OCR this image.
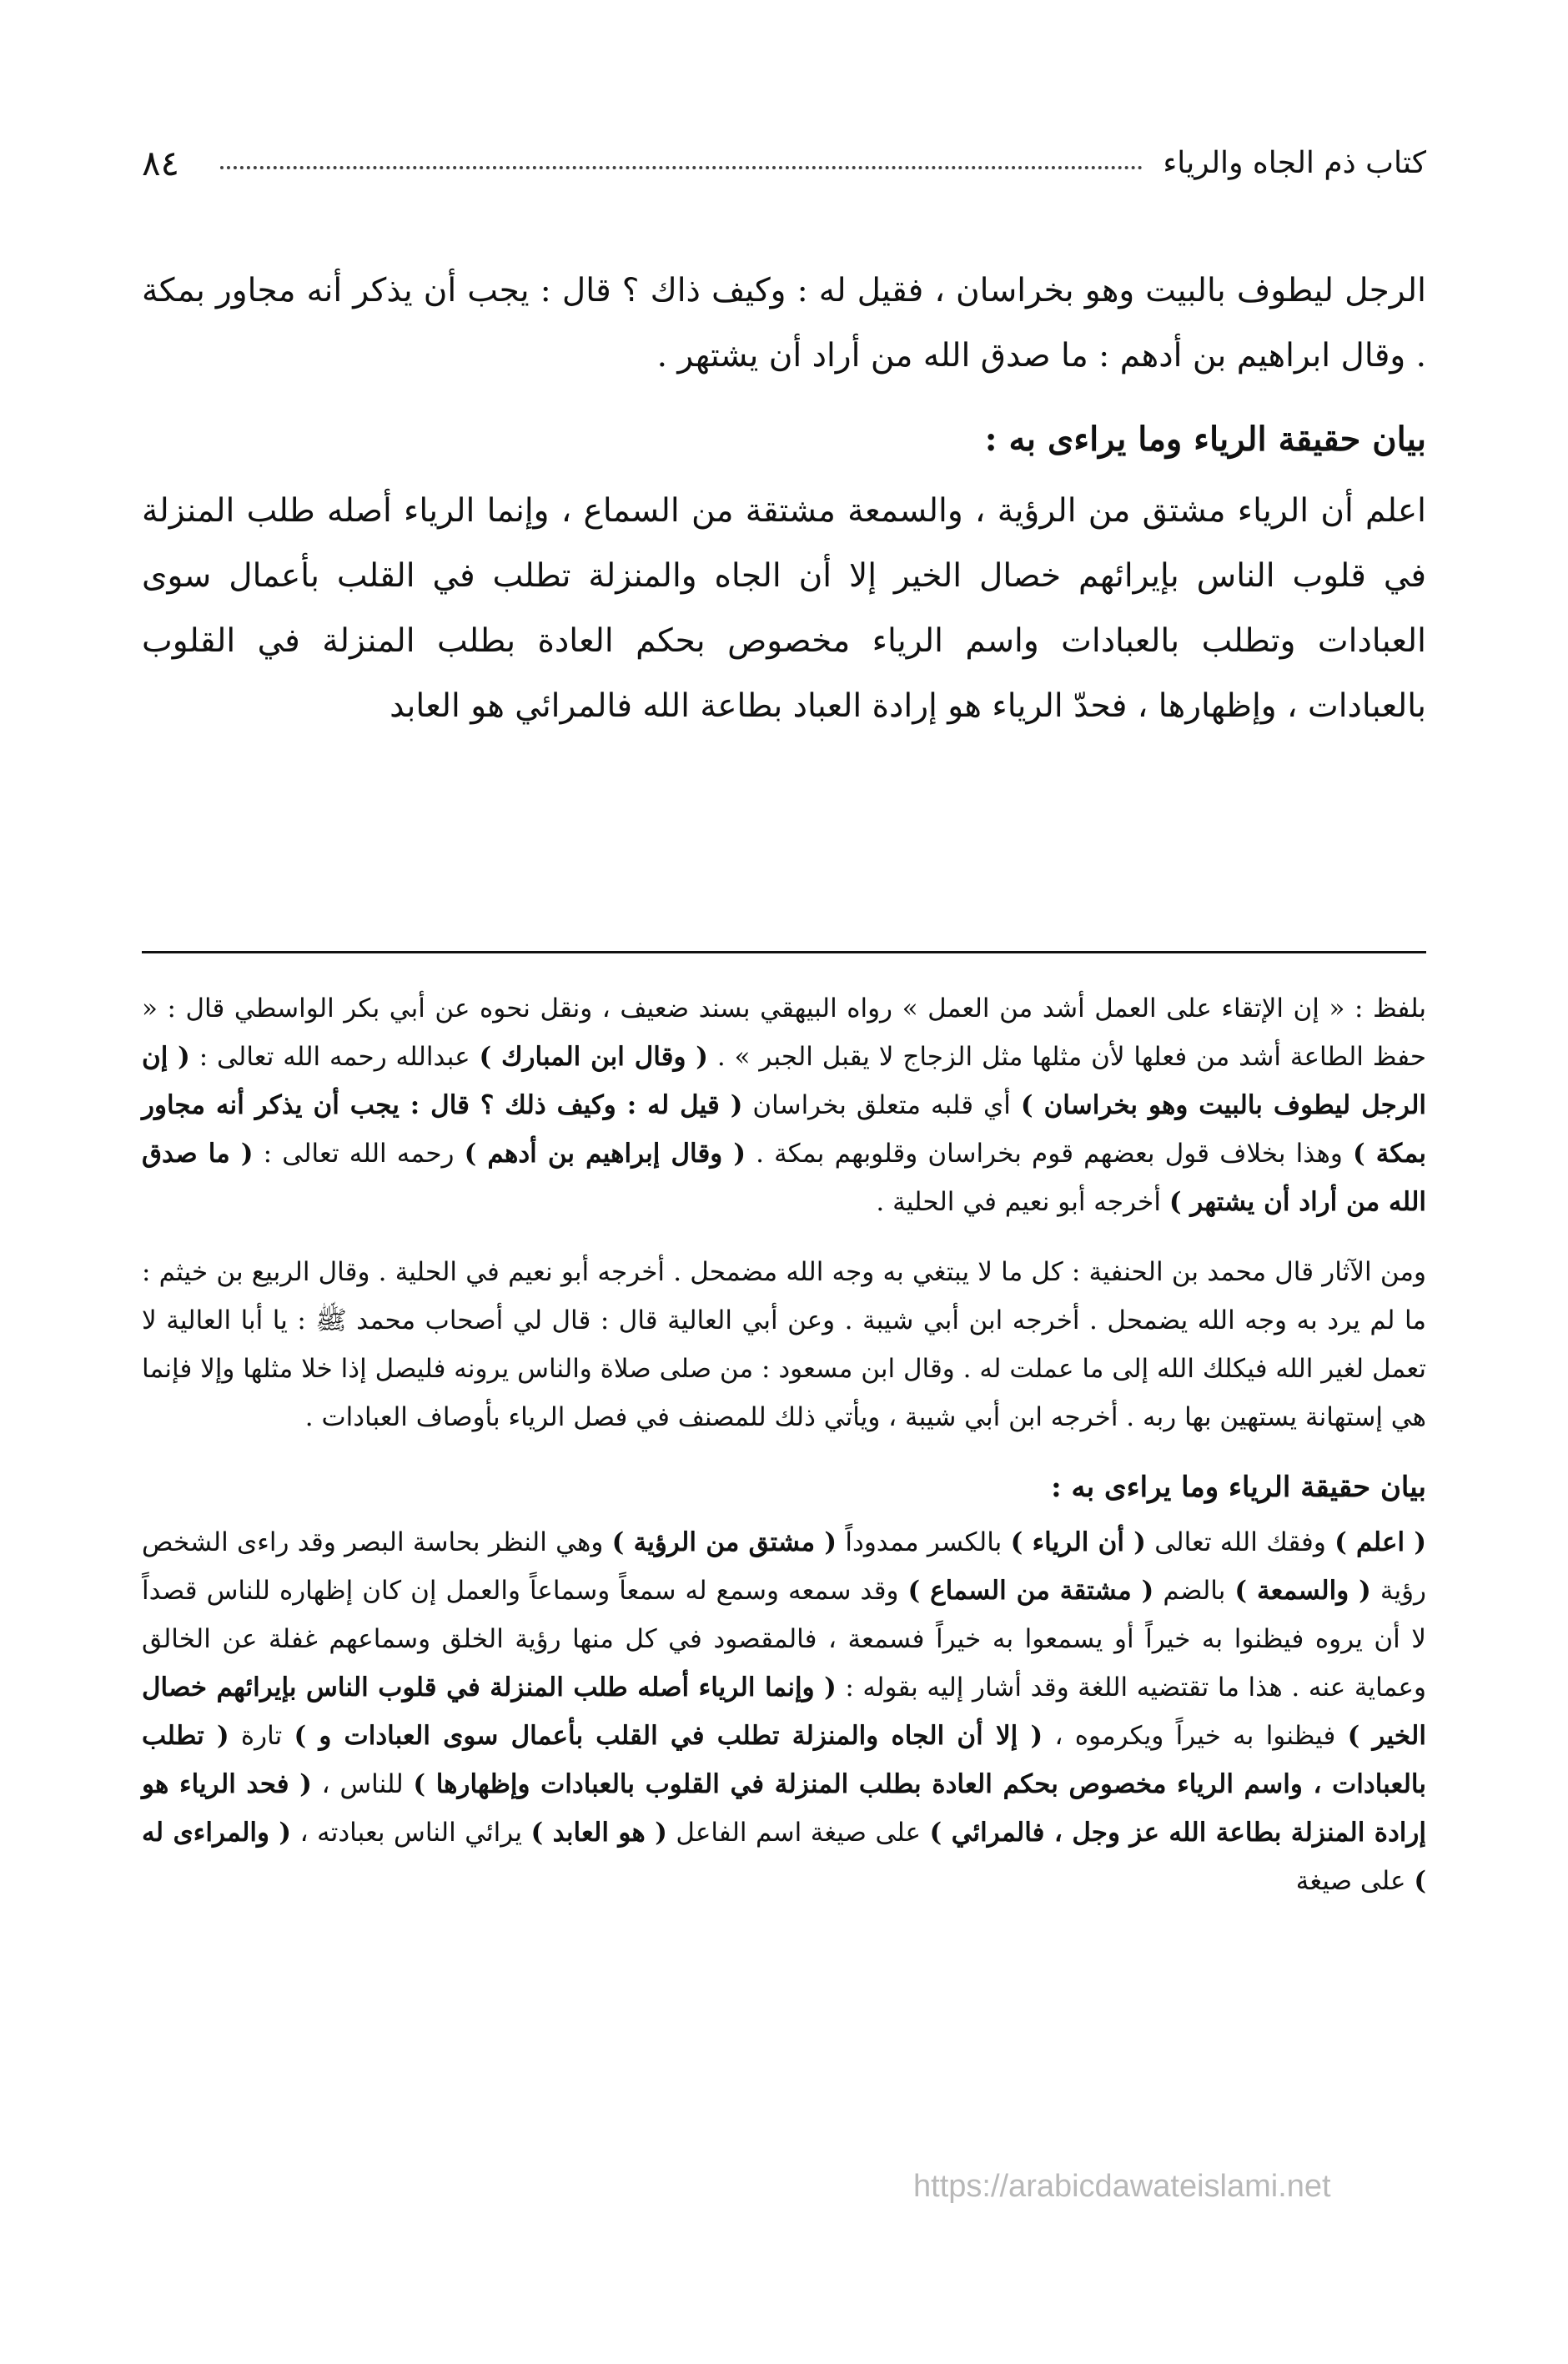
٨٤	كتاب ذم الجاه والرياء

الرجل ليطوف بالبيت وهو بخراسان ، فقيل له : وكيف ذاك ؟ قال : يجب أن يذكر أنه مجاور بمكة . وقال ابراهيم بن أدهم : ما صدق الله من أراد أن يشتهر .

بيان حقيقة الرياء وما يراءى به :

اعلم أن الرياء مشتق من الرؤية ، والسمعة مشتقة من السماع ، وإنما الرياء أصله طلب المنزلة في قلوب الناس بإيرائهم خصال الخير إلا أن الجاه والمنزلة تطلب في القلب بأعمال سوى العبادات وتطلب بالعبادات واسم الرياء مخصوص بحكم العادة بطلب المنزلة في القلوب بالعبادات ، وإظهارها ، فحدّ الرياء هو إرادة العباد بطاعة الله فالمرائي هو العابد

بلفظ : « إن الإتقاء على العمل أشد من العمل » رواه البيهقي بسند ضعيف ، ونقل نحوه عن أبي بكر الواسطي قال : « حفظ الطاعة أشد من فعلها لأن مثلها مثل الزجاج لا يقبل الجبر » . ( وقال ابن المبارك ) عبدالله رحمه الله تعالى : ( إن الرجل ليطوف بالبيت وهو بخراسان ) أي قلبه متعلق بخراسان ( قيل له : وكيف ذلك ؟ قال : يجب أن يذكر أنه مجاور بمكة ) وهذا بخلاف قول بعضهم قوم بخراسان وقلوبهم بمكة . ( وقال إبراهيم بن أدهم ) رحمه الله تعالى : ( ما صدق الله من أراد أن يشتهر ) أخرجه أبو نعيم في الحلية .

ومن الآثار قال محمد بن الحنفية : كل ما لا يبتغي به وجه الله مضمحل . أخرجه أبو نعيم في الحلية . وقال الربيع بن خيثم : ما لم يرد به وجه الله يضمحل . أخرجه ابن أبي شيبة . وعن أبي العالية قال : قال لي أصحاب محمد ﷺ : يا أبا العالية لا تعمل لغير الله فيكلك الله إلى ما عملت له . وقال ابن مسعود : من صلى صلاة والناس يرونه فليصل إذا خلا مثلها وإلا فإنما هي إستهانة يستهين بها ربه . أخرجه ابن أبي شيبة ، ويأتي ذلك للمصنف في فصل الرياء بأوصاف العبادات .

بيان حقيقة الرياء وما يراءى به :

( اعلم ) وفقك الله تعالى ( أن الرياء ) بالكسر ممدوداً ( مشتق من الرؤية ) وهي النظر بحاسة البصر وقد راءى الشخص رؤية ( والسمعة ) بالضم ( مشتقة من السماع ) وقد سمعه وسمع له سمعاً وسماعاً والعمل إن كان إظهاره للناس قصداً لا أن يروه فيظنوا به خيراً أو يسمعوا به خيراً فسمعة ، فالمقصود في كل منها رؤية الخلق وسماعهم غفلة عن الخالق وعماية عنه . هذا ما تقتضيه اللغة وقد أشار إليه بقوله : ( وإنما الرياء أصله طلب المنزلة في قلوب الناس بإيرائهم خصال الخير ) فيظنوا به خيراً ويكرموه ، ( إلا أن الجاه والمنزلة تطلب في القلب بأعمال سوى العبادات و ) تارة ( تطلب بالعبادات ، واسم الرياء مخصوص بحكم العادة بطلب المنزلة في القلوب بالعبادات وإظهارها ) للناس ، ( فحد الرياء هو إرادة المنزلة بطاعة الله عز وجل ، فالمرائي ) على صيغة اسم الفاعل ( هو العابد ) يرائي الناس بعبادته ، ( والمراءى له ) على صيغة

https://arabicdawateislami.net
